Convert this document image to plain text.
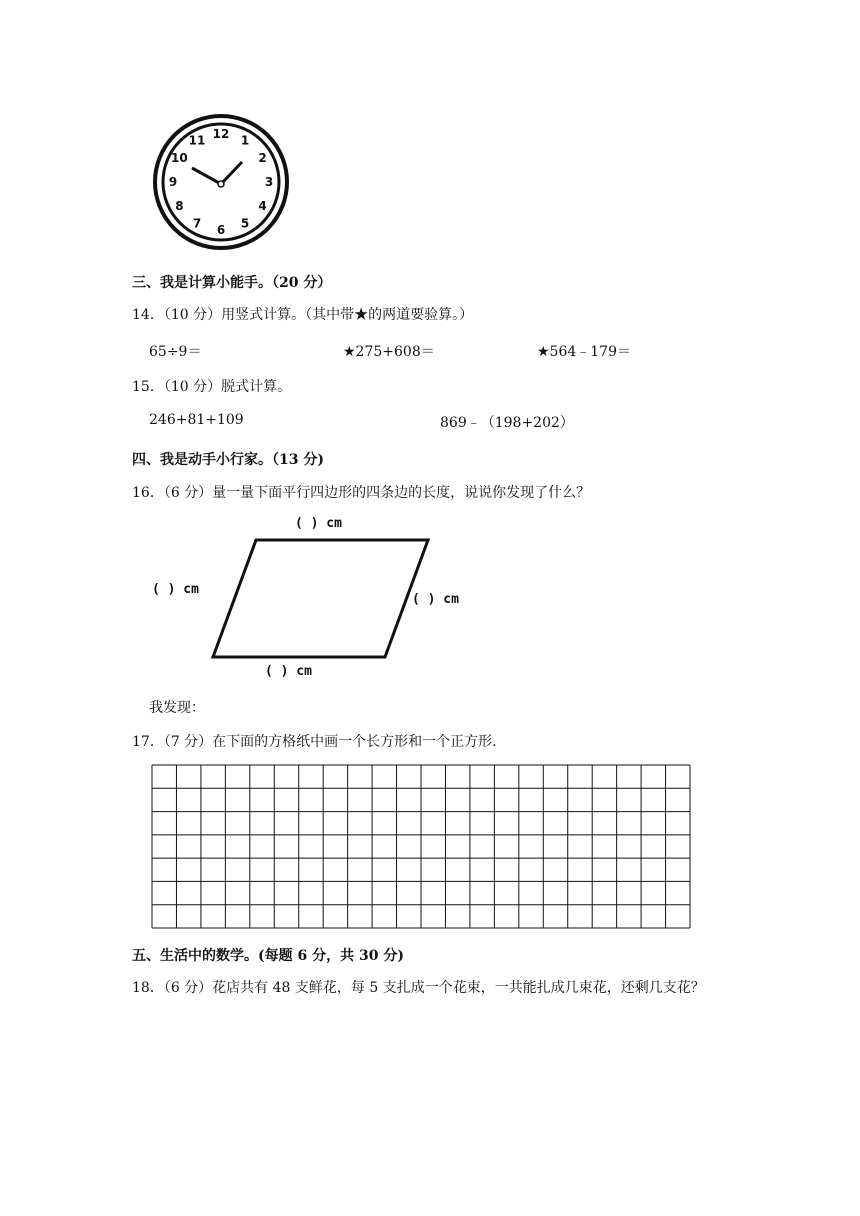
12 1
2
3
4
5
6
7
8
9
10
11
三、我是计算小能手。（20 分）
14．（10 分）用竖式计算。（其中带★的两道要验算。）
65÷9＝	★275+608＝	★564﹣179＝
15．（10 分）脱式计算。
246+81+109	869﹣（198+202）
四、我是动手小行家。（13 分)
16．（6 分）量一量下面平行四边形的四条边的长度，说说你发现了什么？
( ) cm
( ) cm
( ) cm
( ) cm
我发现：
17．（7 分）在下面的方格纸中画一个长方形和一个正方形.
五、生活中的数学。(每题 6 分，共 30 分)
18．（6 分）花店共有 48 支鲜花，每 5 支扎成一个花束，一共能扎成几束花，还剩几支花？
